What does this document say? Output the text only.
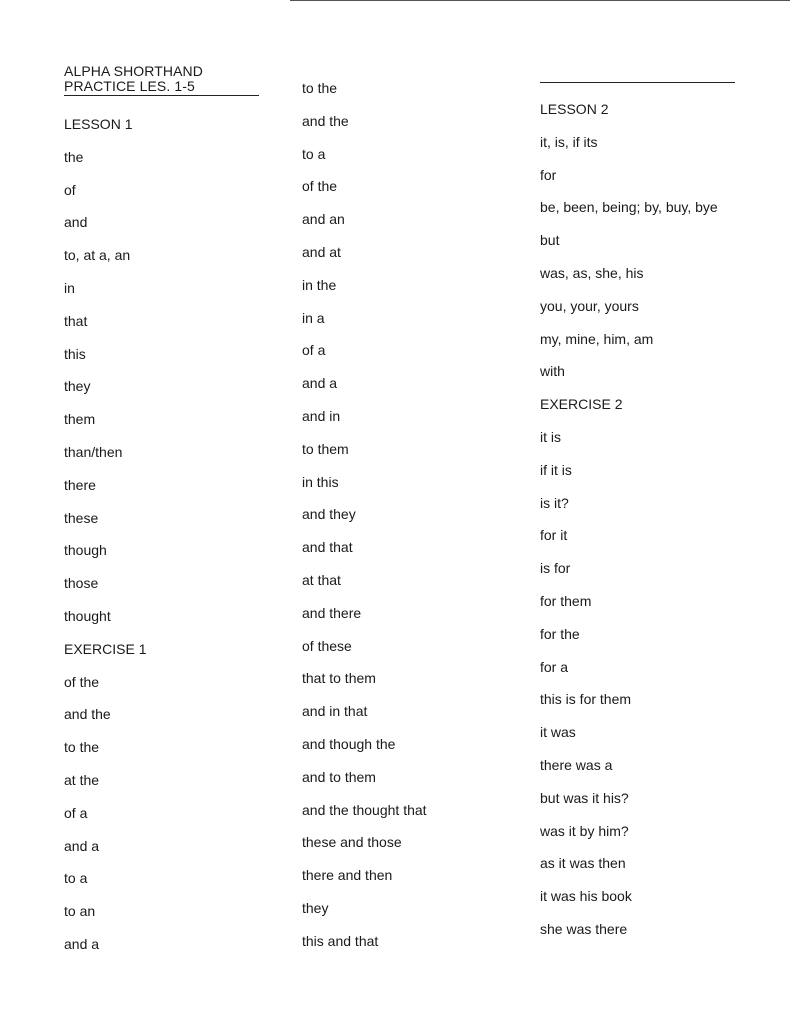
ALPHA SHORTHAND
PRACTICE LES. 1-5
LESSON 1
the
of
and
to, at a, an
in
that
this
they
them
than/then
there
these
though
those
thought
EXERCISE 1
of the
and the
to the
at the
of a
and a
to a
to an
and a
to the
and the
to a
of the
and an
and at
in the
in a
of a
and a
and in
to them
in this
and they
and that
at that
and there
of these
that to them
and in that
and though the
and to them
and the thought that
these and those
there and then
they
this and that
LESSON 2
it, is, if its
for
be, been, being; by, buy, bye
but
was, as, she, his
you, your, yours
my, mine, him, am
with
EXERCISE 2
it is
if it is
is it?
for it
is for
for them
for the
for a
this is for them
it was
there was a
but was it his?
was it by him?
as it was then
it was his book
she was there
